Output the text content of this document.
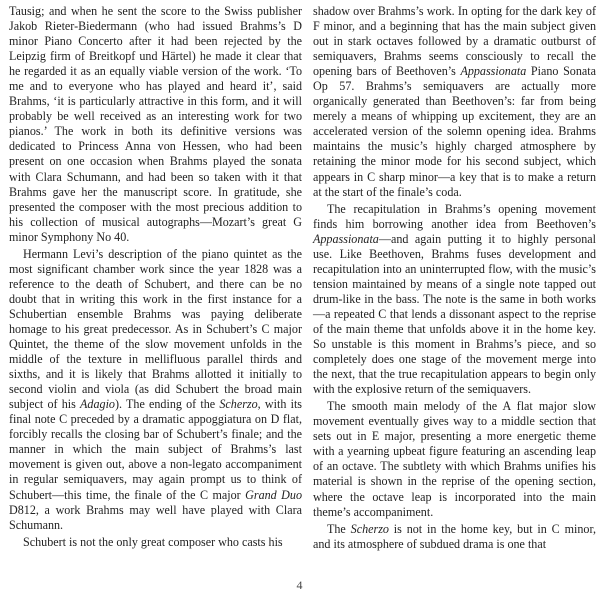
Tausig; and when he sent the score to the Swiss publisher Jakob Rieter-Biedermann (who had issued Brahms’s D minor Piano Concerto after it had been rejected by the Leipzig firm of Breitkopf und Härtel) he made it clear that he regarded it as an equally viable version of the work. ‘To me and to everyone who has played and heard it’, said Brahms, ‘it is particularly attractive in this form, and it will probably be well received as an interesting work for two pianos.’ The work in both its definitive versions was dedicated to Princess Anna von Hessen, who had been present on one occasion when Brahms played the sonata with Clara Schumann, and had been so taken with it that Brahms gave her the manuscript score. In gratitude, she presented the composer with the most precious addition to his collection of musical autographs—Mozart’s great G minor Symphony No 40.

Hermann Levi’s description of the piano quintet as the most significant chamber work since the year 1828 was a reference to the death of Schubert, and there can be no doubt that in writing this work in the first instance for a Schubertian ensemble Brahms was paying deliberate homage to his great predecessor. As in Schubert’s C major Quintet, the theme of the slow movement unfolds in the middle of the texture in mellifluous parallel thirds and sixths, and it is likely that Brahms allotted it initially to second violin and viola (as did Schubert the broad main subject of his Adagio). The ending of the Scherzo, with its final note C preceded by a dramatic appoggiatura on D flat, forcibly recalls the closing bar of Schubert’s finale; and the manner in which the main subject of Brahms’s last movement is given out, above a non-legato accompaniment in regular semiquavers, may again prompt us to think of Schubert—this time, the finale of the C major Grand Duo D812, a work Brahms may well have played with Clara Schumann.

Schubert is not the only great composer who casts his

shadow over Brahms’s work. In opting for the dark key of F minor, and a beginning that has the main subject given out in stark octaves followed by a dramatic outburst of semiquavers, Brahms seems consciously to recall the opening bars of Beethoven’s Appassionata Piano Sonata Op 57. Brahms’s semiquavers are actually more organically generated than Beethoven’s: far from being merely a means of whipping up excitement, they are an accelerated version of the solemn opening idea. Brahms maintains the music’s highly charged atmosphere by retaining the minor mode for his second subject, which appears in C sharp minor—a key that is to make a return at the start of the finale’s coda.

The recapitulation in Brahms’s opening movement finds him borrowing another idea from Beethoven’s Appassionata—and again putting it to highly personal use. Like Beethoven, Brahms fuses development and recapitulation into an uninterrupted flow, with the music’s tension maintained by means of a single note tapped out drum-like in the bass. The note is the same in both works—a repeated C that lends a dissonant aspect to the reprise of the main theme that unfolds above it in the home key. So unstable is this moment in Brahms’s piece, and so completely does one stage of the movement merge into the next, that the true recapitulation appears to begin only with the explosive return of the semiquavers.

The smooth main melody of the A flat major slow movement eventually gives way to a middle section that sets out in E major, presenting a more energetic theme with a yearning upbeat figure featuring an ascending leap of an octave. The subtlety with which Brahms unifies his material is shown in the reprise of the opening section, where the octave leap is incorporated into the main theme’s accompaniment.

The Scherzo is not in the home key, but in C minor, and its atmosphere of subdued drama is one that

4
